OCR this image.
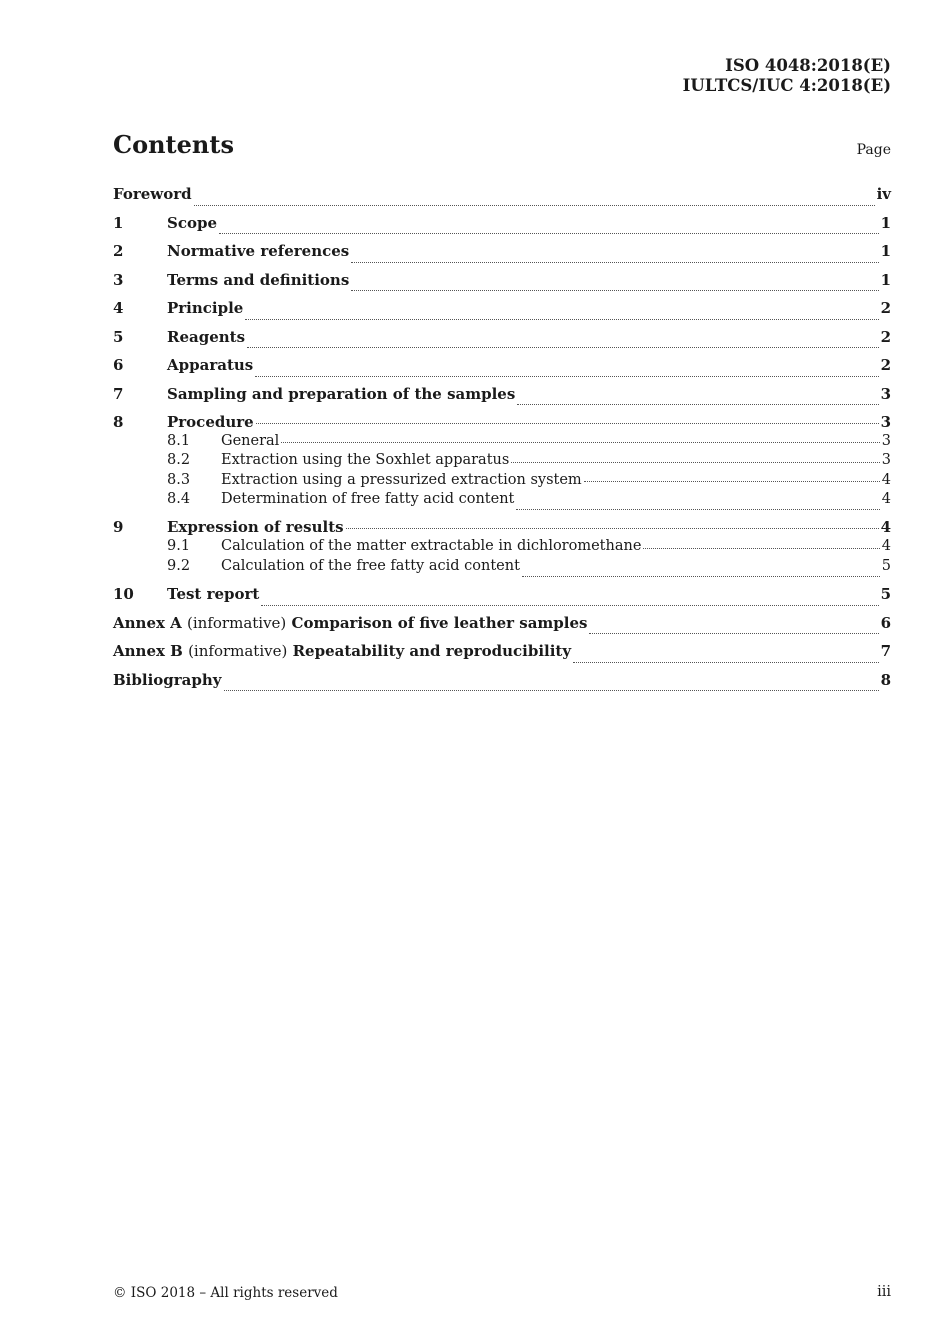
ISO 4048:2018(E)
IULTCS/IUC 4:2018(E)
Contents	Page
Foreword	iv
1	Scope	1
2	Normative references	1
3	Terms and definitions	1
4	Principle	2
5	Reagents	2
6	Apparatus	2
7	Sampling and preparation of the samples	3
8	Procedure	3
8.1	General	3
8.2	Extraction using the Soxhlet apparatus	3
8.3	Extraction using a pressurized extraction system	4
8.4	Determination of free fatty acid content	4
9	Expression of results	4
9.1	Calculation of the matter extractable in dichloromethane	4
9.2	Calculation of the free fatty acid content	5
10	Test report	5
Annex A (informative) Comparison of five leather samples	6
Annex B (informative) Repeatability and reproducibility	7
Bibliography	8
© ISO 2018 – All rights reserved	iii
